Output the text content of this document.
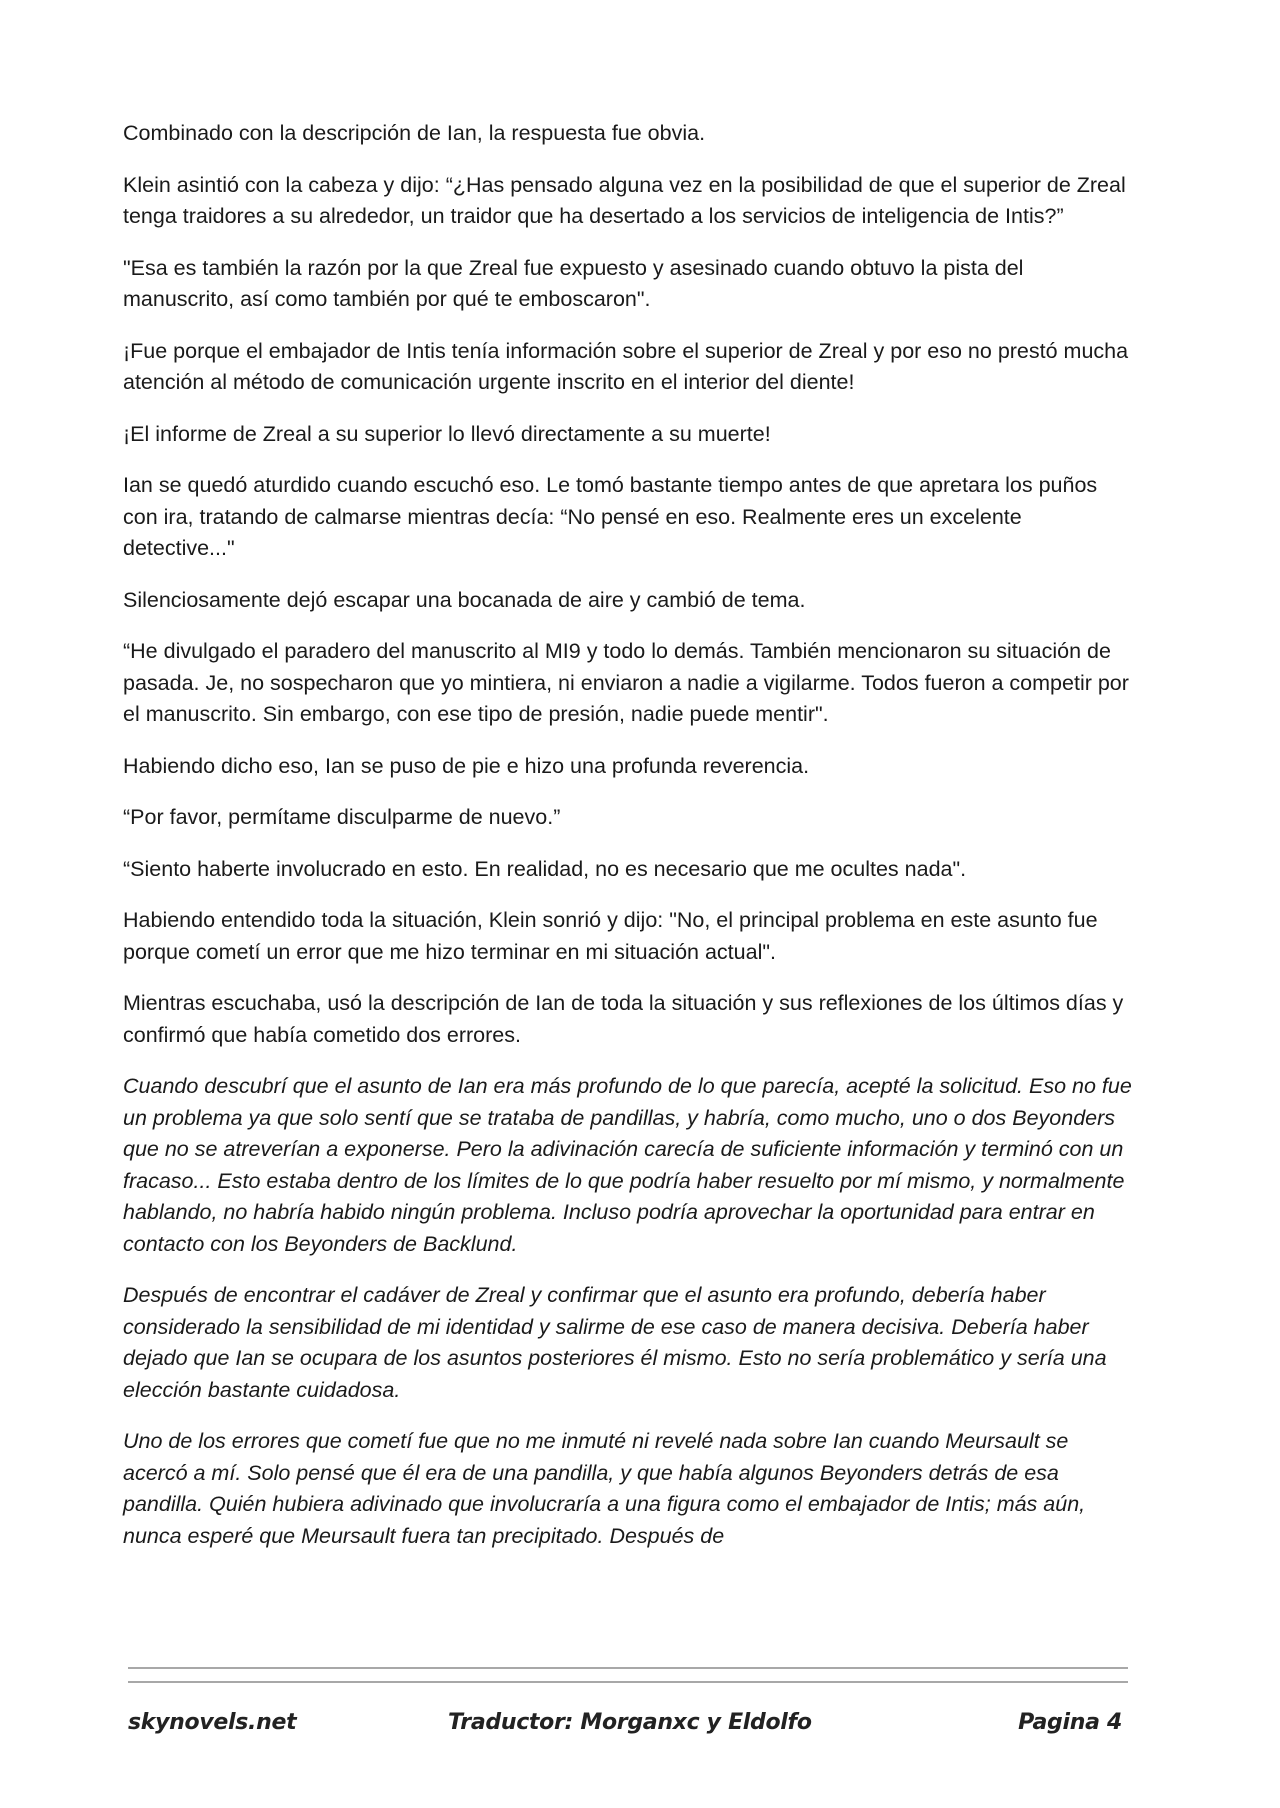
Combinado con la descripción de Ian, la respuesta fue obvia.

Klein asintió con la cabeza y dijo: “¿Has pensado alguna vez en la posibilidad de que el superior de Zreal tenga traidores a su alrededor, un traidor que ha desertado a los servicios de inteligencia de Intis?”

"Esa es también la razón por la que Zreal fue expuesto y asesinado cuando obtuvo la pista del manuscrito, así como también por qué te emboscaron".

¡Fue porque el embajador de Intis tenía información sobre el superior de Zreal y por eso no prestó mucha atención al método de comunicación urgente inscrito en el interior del diente!

¡El informe de Zreal a su superior lo llevó directamente a su muerte!

Ian se quedó aturdido cuando escuchó eso. Le tomó bastante tiempo antes de que apretara los puños con ira, tratando de calmarse mientras decía: “No pensé en eso. Realmente eres un excelente detective..."

Silenciosamente dejó escapar una bocanada de aire y cambió de tema.

“He divulgado el paradero del manuscrito al MI9 y todo lo demás. También mencionaron su situación de pasada. Je, no sospecharon que yo mintiera, ni enviaron a nadie a vigilarme. Todos fueron a competir por el manuscrito. Sin embargo, con ese tipo de presión, nadie puede mentir".

Habiendo dicho eso, Ian se puso de pie e hizo una profunda reverencia.

“Por favor, permítame disculparme de nuevo.”

“Siento haberte involucrado en esto. En realidad, no es necesario que me ocultes nada".

Habiendo entendido toda la situación, Klein sonrió y dijo: "No, el principal problema en este asunto fue porque cometí un error que me hizo terminar en mi situación actual".

Mientras escuchaba, usó la descripción de Ian de toda la situación y sus reflexiones de los últimos días y confirmó que había cometido dos errores.

Cuando descubrí que el asunto de Ian era más profundo de lo que parecía, acepté la solicitud. Eso no fue un problema ya que solo sentí que se trataba de pandillas, y habría, como mucho, uno o dos Beyonders que no se atreverían a exponerse. Pero la adivinación carecía de suficiente información y terminó con un fracaso... Esto estaba dentro de los límites de lo que podría haber resuelto por mí mismo, y normalmente hablando, no habría habido ningún problema. Incluso podría aprovechar la oportunidad para entrar en contacto con los Beyonders de Backlund.

Después de encontrar el cadáver de Zreal y confirmar que el asunto era profundo, debería haber considerado la sensibilidad de mi identidad y salirme de ese caso de manera decisiva. Debería haber dejado que Ian se ocupara de los asuntos posteriores él mismo. Esto no sería problemático y sería una elección bastante cuidadosa.

Uno de los errores que cometí fue que no me inmuté ni revelé nada sobre Ian cuando Meursault se acercó a mí. Solo pensé que él era de una pandilla, y que había algunos Beyonders detrás de esa pandilla. Quién hubiera adivinado que involucraría a una figura como el embajador de Intis; más aún, nunca esperé que Meursault fuera tan precipitado. Después de

skynovels.net	Traductor: Morganxc y Eldolfo	Pagina 4
